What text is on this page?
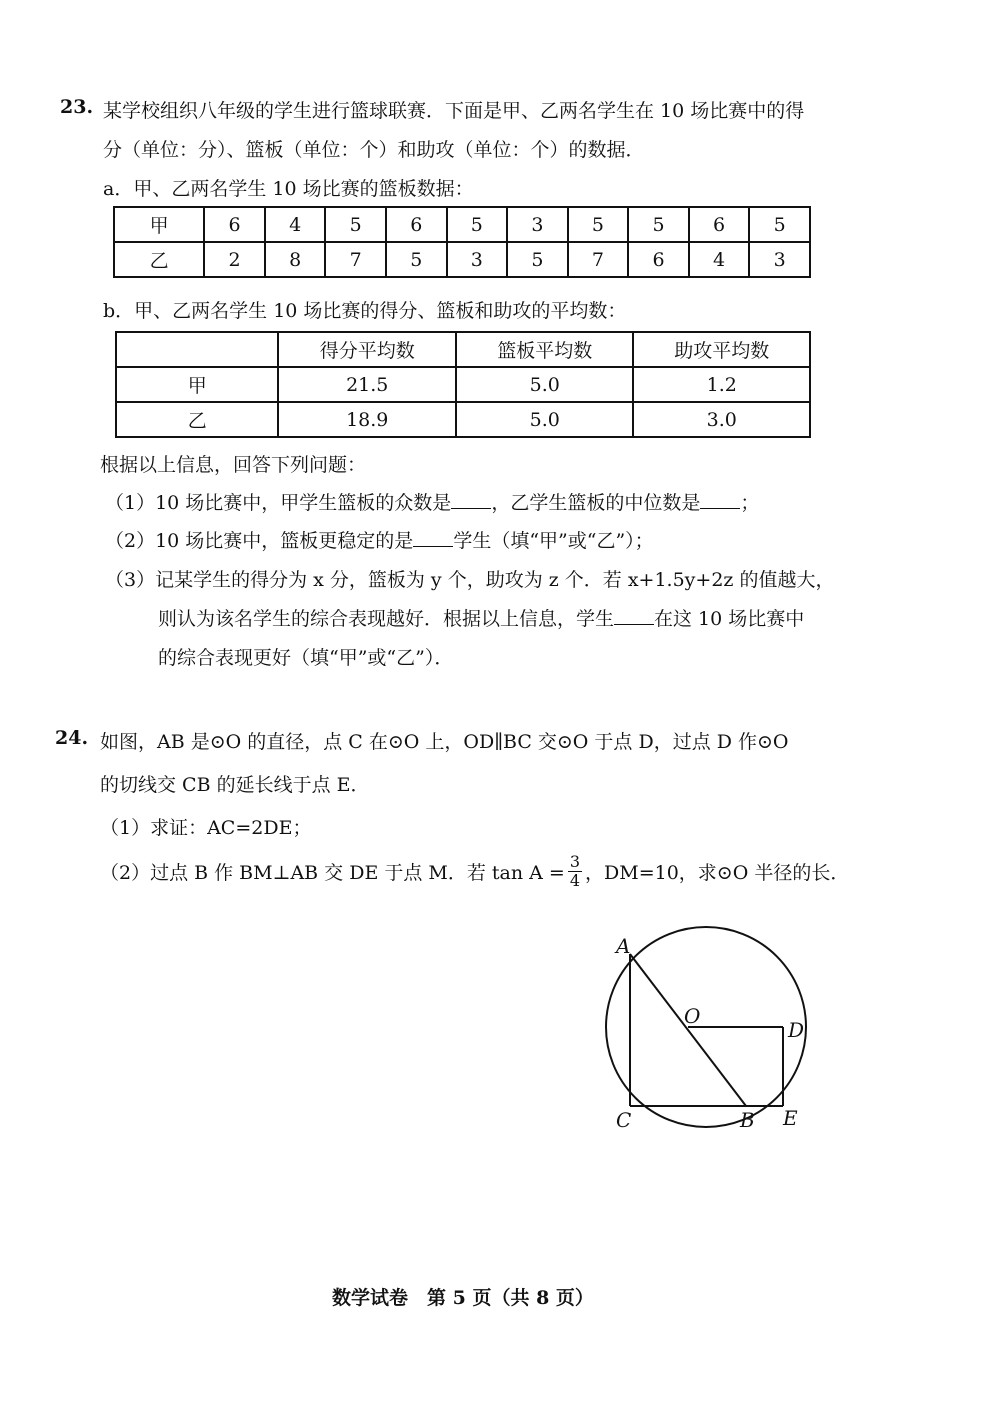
23. 某学校组织八年级的学生进行篮球联赛．下面是甲、乙两名学生在 10 场比赛中的得
分（单位：分）、篮板（单位：个）和助攻（单位：个）的数据．
a．甲、乙两名学生 10 场比赛的篮板数据：
甲	6	4	5	6	5	3	5	5	6	5
乙	2	8	7	5	3	5	7	6	4	3
b．甲、乙两名学生 10 场比赛的得分、篮板和助攻的平均数：
	得分平均数	篮板平均数	助攻平均数
甲	21.5	5.0	1.2
乙	18.9	5.0	3.0
根据以上信息，回答下列问题：
（1）10 场比赛中，甲学生篮板的众数是 ，乙学生篮板的中位数是 ；
（2）10 场比赛中，篮板更稳定的是 学生（填“甲”或“乙”）；
（3）记某学生的得分为 x 分，篮板为 y 个，助攻为 z 个．若 x+1.5y+2z 的值越大，
则认为该名学生的综合表现越好．根据以上信息，学生 在这 10 场比赛中
的综合表现更好（填“甲”或“乙”）．
24. 如图，AB 是⊙O 的直径，点 C 在⊙O 上，OD∥BC 交⊙O 于点 D，过点 D 作⊙O
的切线交 CB 的延长线于点 E．
（1）求证：AC=2DE；
（2）过点 B 作 BM⊥AB 交 DE 于点 M．若 $\tan A = \frac{3}{4}$ ，DM=10，求⊙O 半径的长．
A
O
D
C	B E
数学试卷　第 5 页（共 8 页）
